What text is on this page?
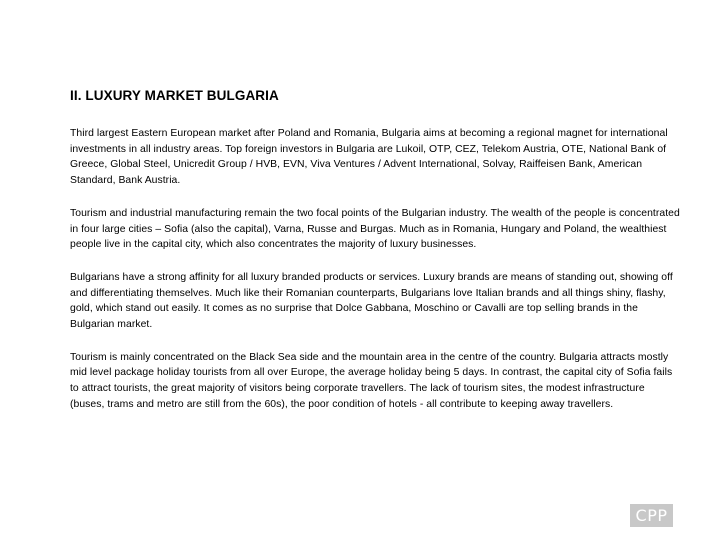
II. LUXURY MARKET BULGARIA

Third largest Eastern European market after Poland and Romania, Bulgaria aims at becoming a regional magnet for international investments in all industry areas. Top foreign investors in Bulgaria are Lukoil, OTP, CEZ, Telekom Austria, OTE, National Bank of Greece, Global Steel, Unicredit Group / HVB, EVN, Viva Ventures / Advent International, Solvay, Raiffeisen Bank, American Standard, Bank Austria.

Tourism and industrial manufacturing remain the two focal points of the Bulgarian industry. The wealth of the people is concentrated in four large cities – Sofia (also the capital), Varna, Russe and Burgas. Much as in Romania, Hungary and Poland, the wealthiest people live in the capital city, which also concentrates the majority of luxury businesses.

Bulgarians have a strong affinity for all luxury branded products or services. Luxury brands are means of standing out, showing off and differentiating themselves. Much like their Romanian counterparts, Bulgarians love Italian brands and all things shiny, flashy, gold, which stand out easily. It comes as no surprise that Dolce Gabbana, Moschino or Cavalli are top selling brands in the Bulgarian market.

Tourism is mainly concentrated on the Black Sea side and the mountain area in the centre of the country. Bulgaria attracts mostly mid level package holiday tourists from all over Europe, the average holiday being 5 days. In contrast, the capital city of Sofia fails to attract tourists, the great majority of visitors being corporate travellers. The lack of tourism sites, the modest infrastructure (buses, trams and metro are still from the 60s), the poor condition of hotels - all contribute to keeping away travellers.

CPP
